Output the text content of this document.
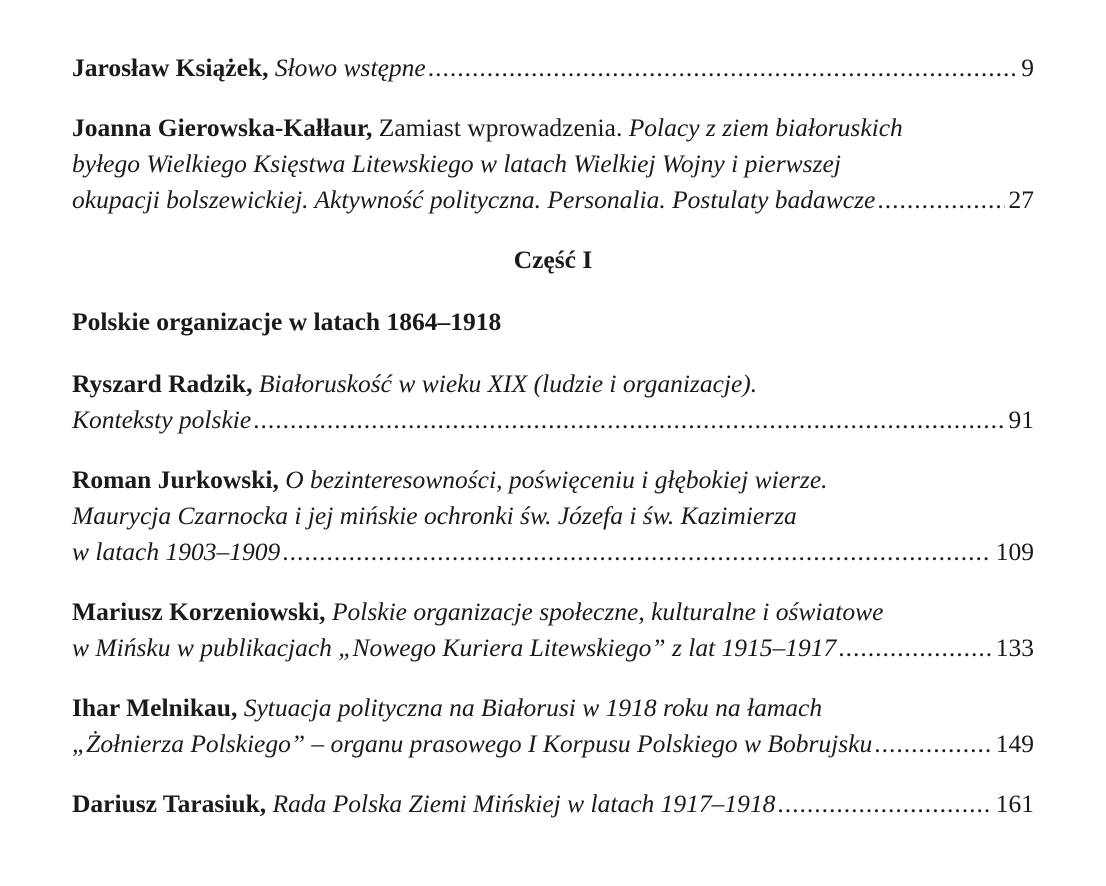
Jarosław Książek, Słowo wstępne .....	9
Joanna Gierowska-Kałłaur, Zamiast wprowadzenia. Polacy z ziem białoruskich
byłego Wielkiego Księstwa Litewskiego w latach Wielkiej Wojny i pierwszej
okupacji bolszewickiej. Aktywność polityczna. Personalia. Postulaty badawcze .....	27
Część I
Polskie organizacje w latach 1864–1918
Ryszard Radzik, Białoruskość w wieku XIX (ludzie i organizacje).
Konteksty polskie .....	91
Roman Jurkowski, O bezinteresowności, poświęceniu i głębokiej wierze.
Maurycja Czarnocka i jej mińskie ochronki św. Józefa i św. Kazimierza
w latach 1903–1909 .....	109
Mariusz Korzeniowski, Polskie organizacje społeczne, kulturalne i oświatowe
w Mińsku w publikacjach „Nowego Kuriera Litewskiego” z lat 1915–1917 .....	133
Ihar Melnikau, Sytuacja polityczna na Białorusi w 1918 roku na łamach
„Żołnierza Polskiego” – organu prasowego I Korpusu Polskiego w Bobrujsku .....	149
Dariusz Tarasiuk, Rada Polska Ziemi Mińskiej w latach 1917–1918 .....	161
